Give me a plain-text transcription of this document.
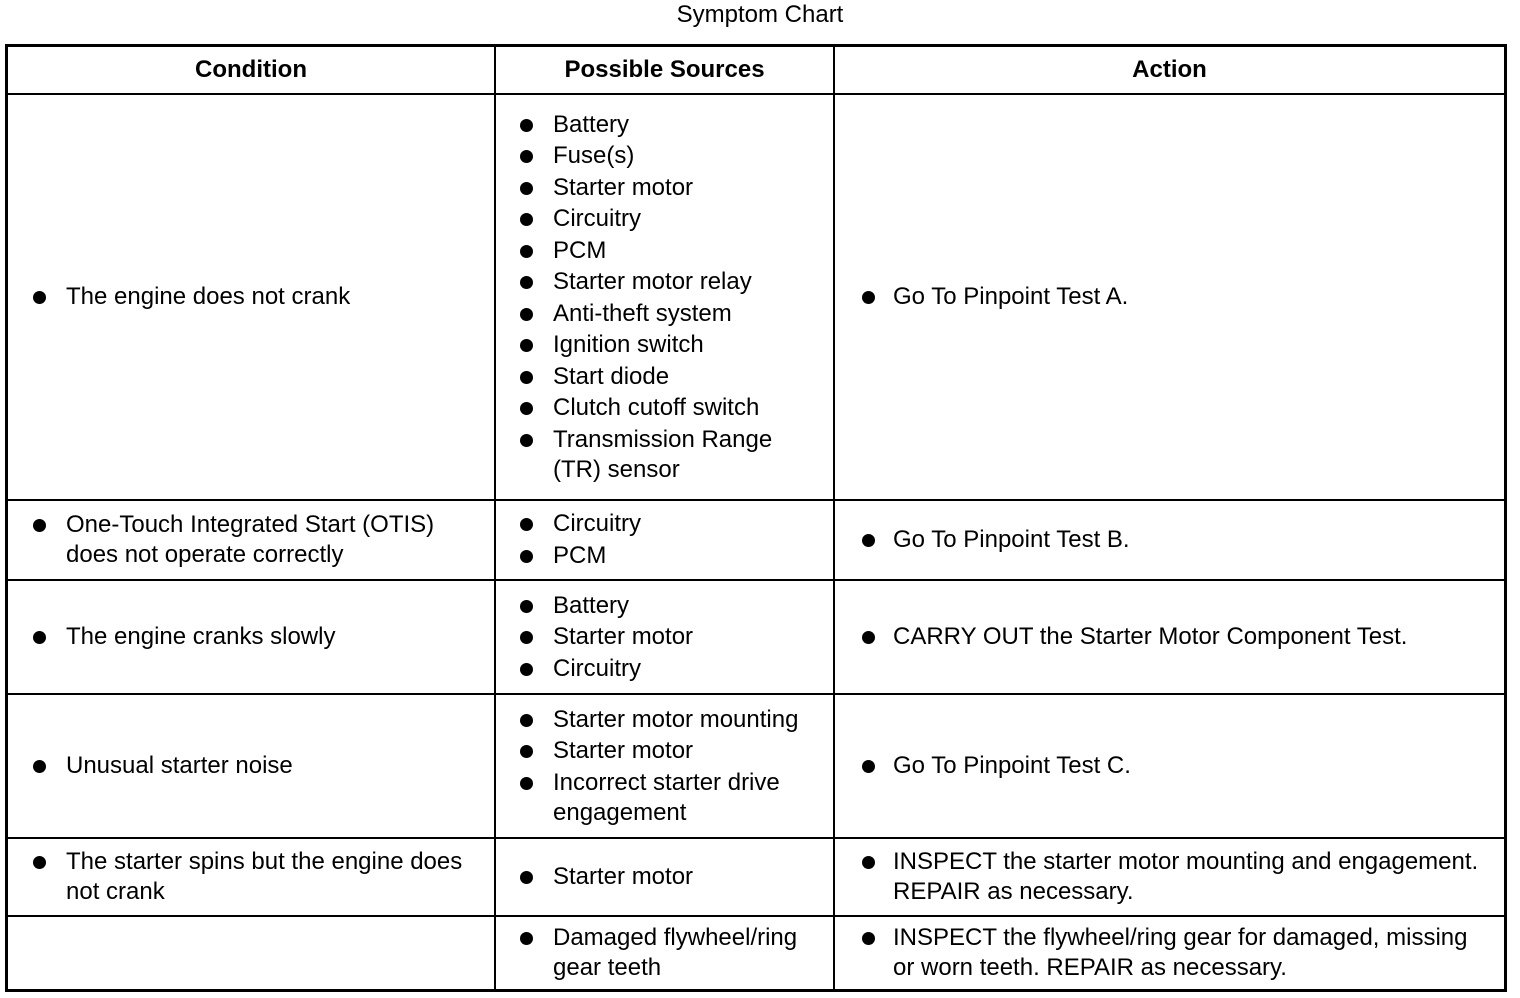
Symptom Chart
Condition	Possible Sources	Action
The engine does not crank
Battery
Fuse(s)
Starter motor
Circuitry
PCM
Starter motor relay
Anti-theft system
Ignition switch
Start diode
Clutch cutoff switch
Transmission Range (TR) sensor
Go To Pinpoint Test A.
One-Touch Integrated Start (OTIS) does not operate correctly
Circuitry
PCM
Go To Pinpoint Test B.
The engine cranks slowly
Battery
Starter motor
Circuitry
CARRY OUT the Starter Motor Component Test.
Unusual starter noise
Starter motor mounting
Starter motor
Incorrect starter drive engagement
Go To Pinpoint Test C.
The starter spins but the engine does not crank
Starter motor
INSPECT the starter motor mounting and engagement. REPAIR as necessary.
Damaged flywheel/ring gear teeth
INSPECT the flywheel/ring gear for damaged, missing or worn teeth. REPAIR as necessary.
